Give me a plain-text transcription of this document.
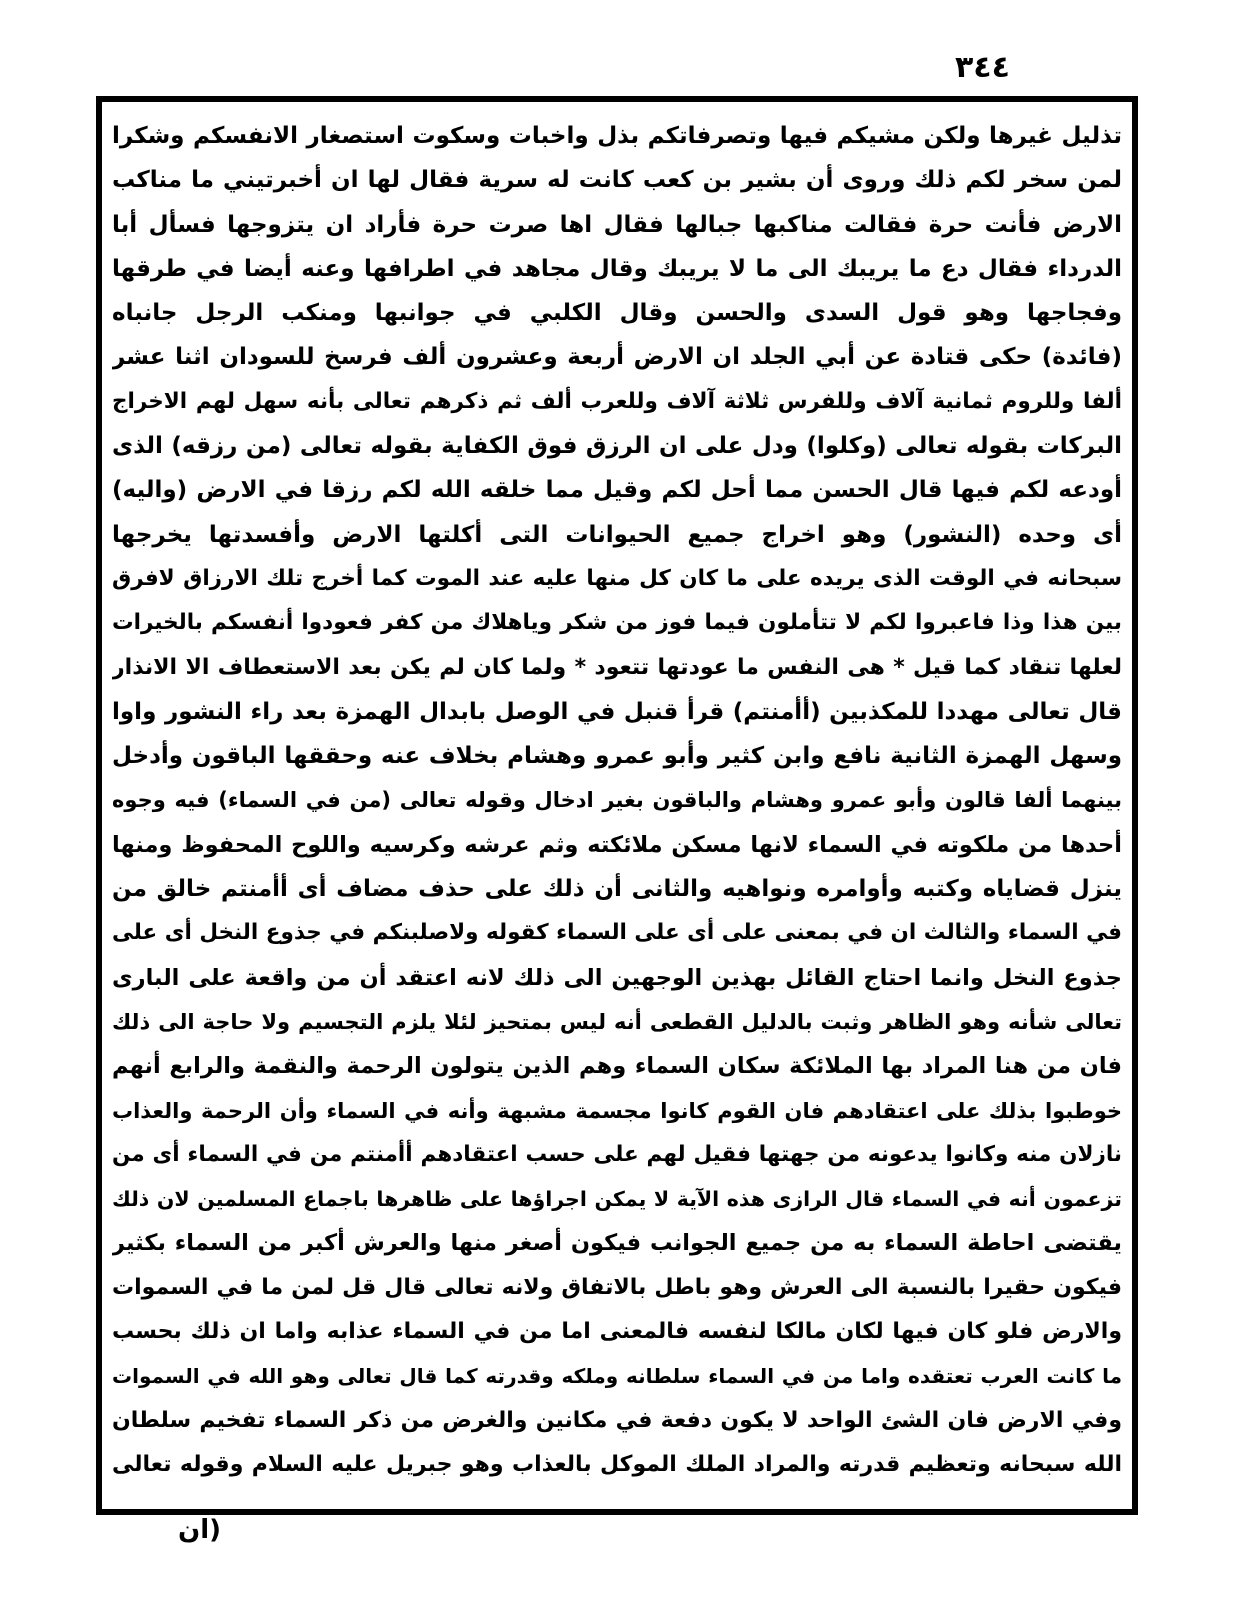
٣٤٤
تذليل غيرها ولكن مشيكم فيها وتصرفاتكم بذل واخبات وسكوت استصغار الانفسكم وشكرا
لمن سخر لكم ذلك وروى أن بشير بن كعب كانت له سرية فقال لها ان أخبرتيني ما مناكب
الارض فأنت حرة فقالت مناكبها جبالها فقال اها صرت حرة فأراد ان يتزوجها فسأل أبا
الدرداء فقال دع ما يريبك الى ما لا يريبك وقال مجاهد في اطرافها وعنه أيضا في طرقها
وفجاجها وهو قول السدى والحسن وقال الكلبي في جوانبها ومنكب الرجل جانباه
(فائدة) حكى قتادة عن أبي الجلد ان الارض أربعة وعشرون ألف فرسخ للسودان اثنا عشر
ألفا وللروم ثمانية آلاف وللفرس ثلاثة آلاف وللعرب ألف ثم ذكرهم تعالى بأنه سهل لهم الاخراج
البركات بقوله تعالى (وكلوا) ودل على ان الرزق فوق الكفاية بقوله تعالى (من رزقه) الذى
أودعه لكم فيها قال الحسن مما أحل لكم وقيل مما خلقه الله لكم رزقا في الارض (واليه)
أى وحده (النشور) وهو اخراج جميع الحيوانات التى أكلتها الارض وأفسدتها يخرجها
سبحانه في الوقت الذى يريده على ما كان كل منها عليه عند الموت كما أخرج تلك الارزاق لافرق
بين هذا وذا فاعبروا لكم لا تتأملون فيما فوز من شكر وياهلاك من كفر فعودوا أنفسكم بالخيرات
لعلها تنقاد كما قيل * هى النفس ما عودتها تتعود * ولما كان لم يكن بعد الاستعطاف الا الانذار
قال تعالى مهددا للمكذبين (أأمنتم) قرأ قنبل في الوصل بابدال الهمزة بعد راء النشور واوا
وسهل الهمزة الثانية نافع وابن كثير وأبو عمرو وهشام بخلاف عنه وحققها الباقون وأدخل
بينهما ألفا قالون وأبو عمرو وهشام والباقون بغير ادخال وقوله تعالى (من في السماء) فيه وجوه
أحدها من ملكوته في السماء لانها مسكن ملائكته وثم عرشه وكرسيه واللوح المحفوظ ومنها
ينزل قضاياه وكتبه وأوامره ونواهيه والثانى أن ذلك على حذف مضاف أى أأمنتم خالق من
في السماء والثالث ان في بمعنى على أى على السماء كقوله ولاصلبنكم في جذوع النخل أى على
جذوع النخل وانما احتاج القائل بهذين الوجهين الى ذلك لانه اعتقد أن من واقعة على البارى
تعالى شأنه وهو الظاهر وثبت بالدليل القطعى أنه ليس بمتحيز لئلا يلزم التجسيم ولا حاجة الى ذلك
فان من هنا المراد بها الملائكة سكان السماء وهم الذين يتولون الرحمة والنقمة والرابع أنهم
خوطبوا بذلك على اعتقادهم فان القوم كانوا مجسمة مشبهة وأنه في السماء وأن الرحمة والعذاب
نازلان منه وكانوا يدعونه من جهتها فقيل لهم على حسب اعتقادهم أأمنتم من في السماء أى من
تزعمون أنه في السماء قال الرازى هذه الآية لا يمكن اجراؤها على ظاهرها باجماع المسلمين لان ذلك
يقتضى احاطة السماء به من جميع الجوانب فيكون أصغر منها والعرش أكبر من السماء بكثير
فيكون حقيرا بالنسبة الى العرش وهو باطل بالاتفاق ولانه تعالى قال قل لمن ما في السموات
والارض فلو كان فيها لكان مالكا لنفسه فالمعنى اما من في السماء عذابه واما ان ذلك بحسب
ما كانت العرب تعتقده واما من في السماء سلطانه وملكه وقدرته كما قال تعالى وهو الله في السموات
وفي الارض فان الشئ الواحد لا يكون دفعة في مكانين والغرض من ذكر السماء تفخيم سلطان
الله سبحانه وتعظيم قدرته والمراد الملك الموكل بالعذاب وهو جبريل عليه السلام وقوله تعالى
(ان
